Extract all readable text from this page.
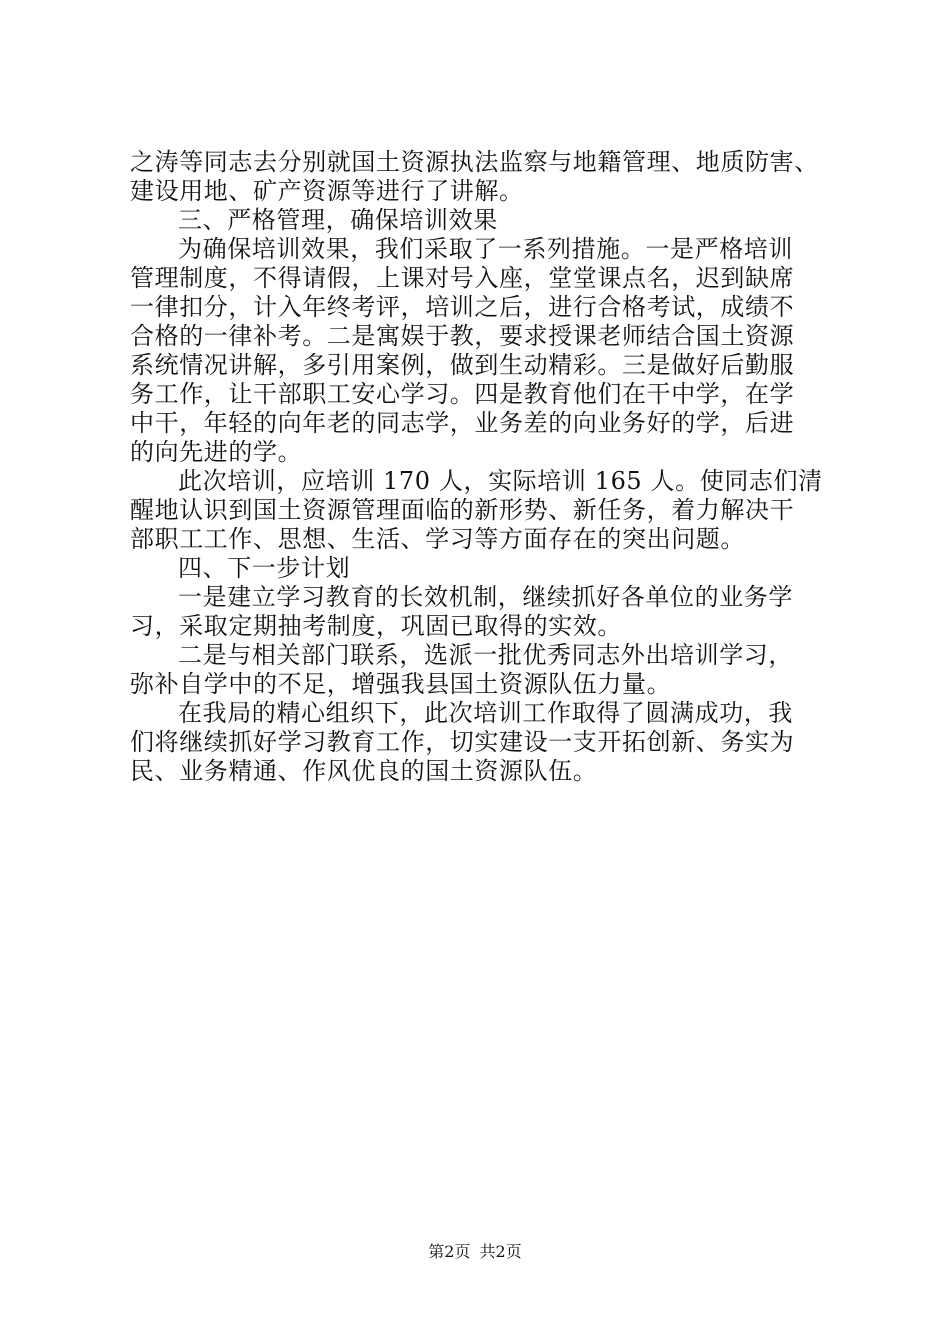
之涛等同志去分别就国土资源执法监察与地籍管理、地质防害、
建设用地、矿产资源等进行了讲解。
三、严格管理，确保培训效果
为确保培训效果，我们采取了一系列措施。一是严格培训
管理制度，不得请假，上课对号入座，堂堂课点名，迟到缺席
一律扣分，计入年终考评，培训之后，进行合格考试，成绩不
合格的一律补考。二是寓娱于教，要求授课老师结合国土资源
系统情况讲解，多引用案例，做到生动精彩。三是做好后勤服
务工作，让干部职工安心学习。四是教育他们在干中学，在学
中干，年轻的向年老的同志学，业务差的向业务好的学，后进
的向先进的学。
此次培训，应培训 170 人，实际培训 165 人。使同志们清
醒地认识到国土资源管理面临的新形势、新任务，着力解决干
部职工工作、思想、生活、学习等方面存在的突出问题。
四、下一步计划
一是建立学习教育的长效机制，继续抓好各单位的业务学
习，采取定期抽考制度，巩固已取得的实效。
二是与相关部门联系，选派一批优秀同志外出培训学习，
弥补自学中的不足，增强我县国土资源队伍力量。
在我局的精心组织下，此次培训工作取得了圆满成功，我
们将继续抓好学习教育工作，切实建设一支开拓创新、务实为
民、业务精通、作风优良的国土资源队伍。
第2页 共2页
